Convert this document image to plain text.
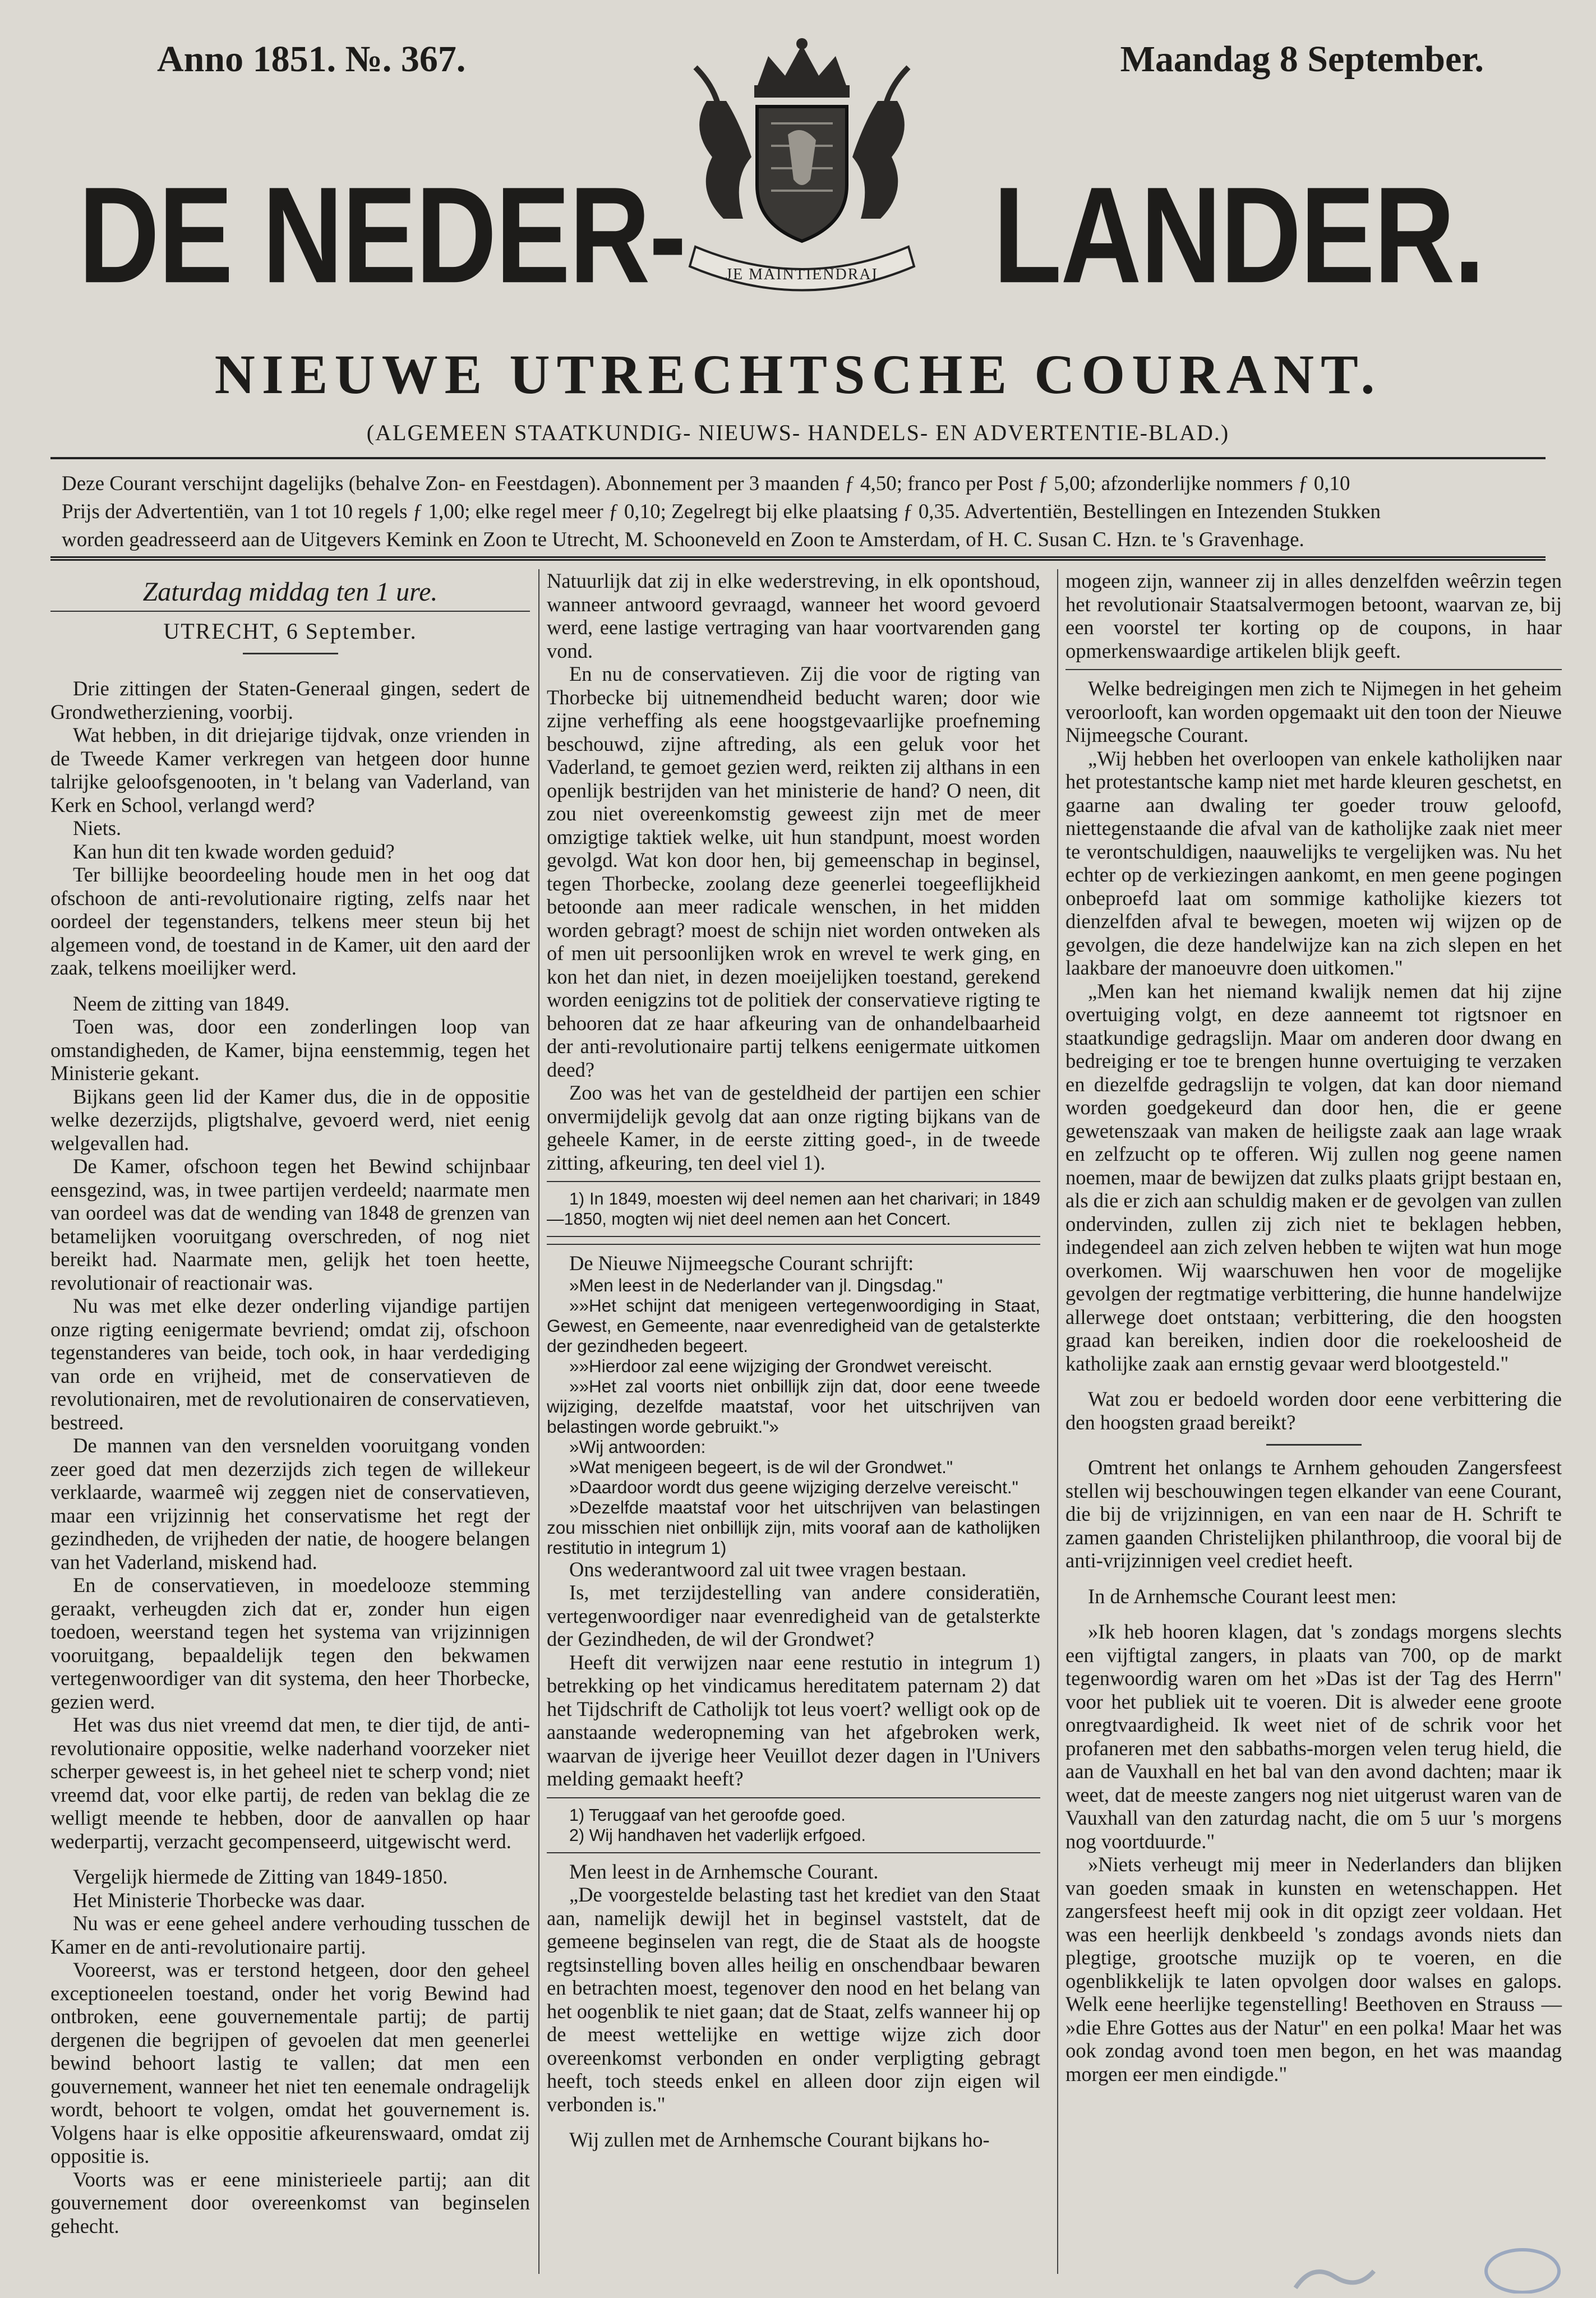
Anno 1851. №. 367.	Maandag 8 September.
DE NEDER-	LANDER.
JE MAINTIENDRAI
NIEUWE UTRECHTSCHE COURANT.
(ALGEMEEN STAATKUNDIG- NIEUWS- HANDELS- EN ADVERTENTIE-BLAD.)

Deze Courant verschijnt dagelijks (behalve Zon- en Feestdagen). Abonnement per 3 maanden ƒ 4,50; franco per Post ƒ 5,00; afzonderlijke nommers ƒ 0,10

Prijs der Advertentiën, van 1 tot 10 regels ƒ 1,00; elke regel meer ƒ 0,10; Zegelregt bij elke plaatsing ƒ 0,35. Advertentiën, Bestellingen en Intezenden Stukken

worden geadresseerd aan de Uitgevers Kemink en Zoon te Utrecht, M. Schooneveld en Zoon te Amsterdam, of H. C. Susan C. Hzn. te 's Gravenhage.

Zaturdag middag ten 1 ure.
UTRECHT, 6 September.

Drie zittingen der Staten-Generaal gingen, sedert de Grondwetherziening, voorbij.

Wat hebben, in dit driejarige tijdvak, onze vrienden in de Tweede Kamer verkregen van hetgeen door hunne talrijke geloofsgenooten, in 't belang van Vaderland, van Kerk en School, verlangd werd?

Niets.

Kan hun dit ten kwade worden geduid?

Ter billijke beoordeeling houde men in het oog dat ofschoon de anti-revolutionaire rigting, zelfs naar het oordeel der tegenstanders, telkens meer steun bij het algemeen vond, de toestand in de Kamer, uit den aard der zaak, telkens moeilijker werd.

Neem de zitting van 1849.

Toen was, door een zonderlingen loop van omstandigheden, de Kamer, bijna eenstemmig, tegen het Ministerie gekant.

Bijkans geen lid der Kamer dus, die in de oppositie welke dezerzijds, pligtshalve, gevoerd werd, niet eenig welgevallen had.

De Kamer, ofschoon tegen het Bewind schijnbaar eensgezind, was, in twee partijen verdeeld; naarmate men van oordeel was dat de wending van 1848 de grenzen van betamelijken vooruitgang overschreden, of nog niet bereikt had. Naarmate men, gelijk het toen heette, revolutionair of reactionair was.

Nu was met elke dezer onderling vijandige partijen onze rigting eenigermate bevriend; omdat zij, ofschoon tegenstanderes van beide, toch ook, in haar verdediging van orde en vrijheid, met de conservatieven de revolutionairen, met de revolutionairen de conservatieven, bestreed.

De mannen van den versnelden vooruitgang vonden zeer goed dat men dezerzijds zich tegen de willekeur verklaarde, waarmeê wij zeggen niet de conservatieven, maar een vrijzinnig het conservatisme het regt der gezindheden, de vrijheden der natie, de hoogere belangen van het Vaderland, miskend had.

En de conservatieven, in moedelooze stemming geraakt, verheugden zich dat er, zonder hun eigen toedoen, weerstand tegen het systema van vrijzinnigen vooruitgang, bepaaldelijk tegen den bekwamen vertegenwoordiger van dit systema, den heer Thorbecke, gezien werd.

Het was dus niet vreemd dat men, te dier tijd, de anti-revolutionaire oppositie, welke naderhand voorzeker niet scherper geweest is, in het geheel niet te scherp vond; niet vreemd dat, voor elke partij, de reden van beklag die ze welligt meende te hebben, door de aanvallen op haar wederpartij, verzacht gecompenseerd, uitgewischt werd.

Vergelijk hiermede de Zitting van 1849-1850.

Het Ministerie Thorbecke was daar.

Nu was er eene geheel andere verhouding tusschen de Kamer en de anti-revolutionaire partij.

Vooreerst, was er terstond hetgeen, door den geheel exceptioneelen toestand, onder het vorig Bewind had ontbroken, eene gouvernementale partij; de partij dergenen die begrijpen of gevoelen dat men geenerlei bewind behoort lastig te vallen; dat men een gouvernement, wanneer het niet ten eenemale ondragelijk wordt, behoort te volgen, omdat het gouvernement is. Volgens haar is elke oppositie afkeurenswaard, omdat zij oppositie is.

Voorts was er eene ministerieele partij; aan dit gouvernement door overeenkomst van beginselen gehecht.

Natuurlijk dat zij in elke wederstreving, in elk opontshoud, wanneer antwoord gevraagd, wanneer het woord gevoerd werd, eene lastige vertraging van haar voortvarenden gang vond.

En nu de conservatieven. Zij die voor de rigting van Thorbecke bij uitnemendheid beducht waren; door wie zijne verheffing als eene hoogstgevaarlijke proefneming beschouwd, zijne aftreding, als een geluk voor het Vaderland, te gemoet gezien werd, reikten zij althans in een openlijk bestrijden van het ministerie de hand? O neen, dit zou niet overeenkomstig geweest zijn met de meer omzigtige taktiek welke, uit hun standpunt, moest worden gevolgd. Wat kon door hen, bij gemeenschap in beginsel, tegen Thorbecke, zoolang deze geenerlei toegeeflijkheid betoonde aan meer radicale wenschen, in het midden worden gebragt? moest de schijn niet worden ontweken als of men uit persoonlijken wrok en wrevel te werk ging, en kon het dan niet, in dezen moeijelijken toestand, gerekend worden eenigzins tot de politiek der conservatieve rigting te behooren dat ze haar afkeuring van de onhandelbaarheid der anti-revolutionaire partij telkens eenigermate uitkomen deed?

Zoo was het van de gesteldheid der partijen een schier onvermijdelijk gevolg dat aan onze rigting bijkans van de geheele Kamer, in de eerste zitting goed-, in de tweede zitting, afkeuring, ten deel viel 1).

1) In 1849, moesten wij deel nemen aan het charivari; in 1849—1850, mogten wij niet deel nemen aan het Concert.

De Nieuwe Nijmeegsche Courant schrijft:

»Men leest in de Nederlander van jl. Dingsdag."

»»Het schijnt dat menigeen vertegenwoordiging in Staat, Gewest, en Gemeente, naar evenredigheid van de getalsterkte der gezindheden begeert.

»»Hierdoor zal eene wijziging der Grondwet vereischt.

»»Het zal voorts niet onbillijk zijn dat, door eene tweede wijziging, dezelfde maatstaf, voor het uitschrijven van belastingen worde gebruikt."»

»Wij antwoorden:

»Wat menigeen begeert, is de wil der Grondwet."

»Daardoor wordt dus geene wijziging derzelve vereischt."

»Dezelfde maatstaf voor het uitschrijven van belastingen zou misschien niet onbillijk zijn, mits vooraf aan de katholijken restitutio in integrum 1)

Ons wederantwoord zal uit twee vragen bestaan.

Is, met terzijdestelling van andere consideratiën, vertegenwoordiger naar evenredigheid van de getalsterkte der Gezindheden, de wil der Grondwet?

Heeft dit verwijzen naar eene restutio in integrum 1) betrekking op het vindicamus hereditatem paternam 2) dat het Tijdschrift de Catholijk tot leus voert? welligt ook op de aanstaande wederopneming van het afgebroken werk, waarvan de ijverige heer Veuillot dezer dagen in l'Univers melding gemaakt heeft?

1) Teruggaaf van het geroofde goed.

2) Wij handhaven het vaderlijk erfgoed.

Men leest in de Arnhemsche Courant.

„De voorgestelde belasting tast het krediet van den Staat aan, namelijk dewijl het in beginsel vaststelt, dat de gemeene beginselen van regt, die de Staat als de hoogste regtsinstelling boven alles heilig en onschendbaar bewaren en betrachten moest, tegenover den nood en het belang van het oogenblik te niet gaan; dat de Staat, zelfs wanneer hij op de meest wettelijke en wettige wijze zich door overeenkomst verbonden en onder verpligting gebragt heeft, toch steeds enkel en alleen door zijn eigen wil verbonden is."

Wij zullen met de Arnhemsche Courant bijkans ho-

mogeen zijn, wanneer zij in alles denzelfden weêrzin tegen het revolutionair Staatsalvermogen betoont, waarvan ze, bij een voorstel ter korting op de coupons, in haar opmerkenswaardige artikelen blijk geeft.

Welke bedreigingen men zich te Nijmegen in het geheim veroorlooft, kan worden opgemaakt uit den toon der Nieuwe Nijmeegsche Courant.

„Wij hebben het overloopen van enkele katholijken naar het protestantsche kamp niet met harde kleuren geschetst, en gaarne aan dwaling ter goeder trouw geloofd, niettegenstaande die afval van de katholijke zaak niet meer te verontschuldigen, naauwelijks te vergelijken was. Nu het echter op de verkiezingen aankomt, en men geene pogingen onbeproefd laat om sommige katholijke kiezers tot dienzelfden afval te bewegen, moeten wij wijzen op de gevolgen, die deze handelwijze kan na zich slepen en het laakbare der manoeuvre doen uitkomen."

„Men kan het niemand kwalijk nemen dat hij zijne overtuiging volgt, en deze aanneemt tot rigtsnoer en staatkundige gedragslijn. Maar om anderen door dwang en bedreiging er toe te brengen hunne overtuiging te verzaken en diezelfde gedragslijn te volgen, dat kan door niemand worden goedgekeurd dan door hen, die er geene gewetenszaak van maken de heiligste zaak aan lage wraak en zelfzucht op te offeren. Wij zullen nog geene namen noemen, maar de bewijzen dat zulks plaats grijpt bestaan en, als die er zich aan schuldig maken er de gevolgen van zullen ondervinden, zullen zij zich niet te beklagen hebben, indegendeel aan zich zelven hebben te wijten wat hun moge overkomen. Wij waarschuwen hen voor de mogelijke gevolgen der regtmatige verbittering, die hunne handelwijze allerwege doet ontstaan; verbittering, die den hoogsten graad kan bereiken, indien door die roekeloosheid de katholijke zaak aan ernstig gevaar werd blootgesteld."

Wat zou er bedoeld worden door eene verbittering die den hoogsten graad bereikt?

Omtrent het onlangs te Arnhem gehouden Zangersfeest stellen wij beschouwingen tegen elkander van eene Courant, die bij de vrijzinnigen, en van een naar de H. Schrift te zamen gaanden Christelijken philanthroop, die vooral bij de anti-vrijzinnigen veel crediet heeft.

In de Arnhemsche Courant leest men:

»Ik heb hooren klagen, dat 's zondags morgens slechts een vijftigtal zangers, in plaats van 700, op de markt tegenwoordig waren om het »Das ist der Tag des Herrn" voor het publiek uit te voeren. Dit is alweder eene groote onregtvaardigheid. Ik weet niet of de schrik voor het profaneren met den sabbaths-morgen velen terug hield, die aan de Vauxhall en het bal van den avond dachten; maar ik weet, dat de meeste zangers nog niet uitgerust waren van de Vauxhall van den zaturdag nacht, die om 5 uur 's morgens nog voortduurde."

»Niets verheugt mij meer in Nederlanders dan blijken van goeden smaak in kunsten en wetenschappen. Het zangersfeest heeft mij ook in dit opzigt zeer voldaan. Het was een heerlijk denkbeeld 's zondags avonds niets dan plegtige, grootsche muzijk op te voeren, en die ogenblikkelijk te laten opvolgen door walses en galops. Welk eene heerlijke tegenstelling! Beethoven en Strauss — »die Ehre Gottes aus der Natur" en een polka! Maar het was ook zondag avond toen men begon, en het was maandag morgen eer men eindigde."
